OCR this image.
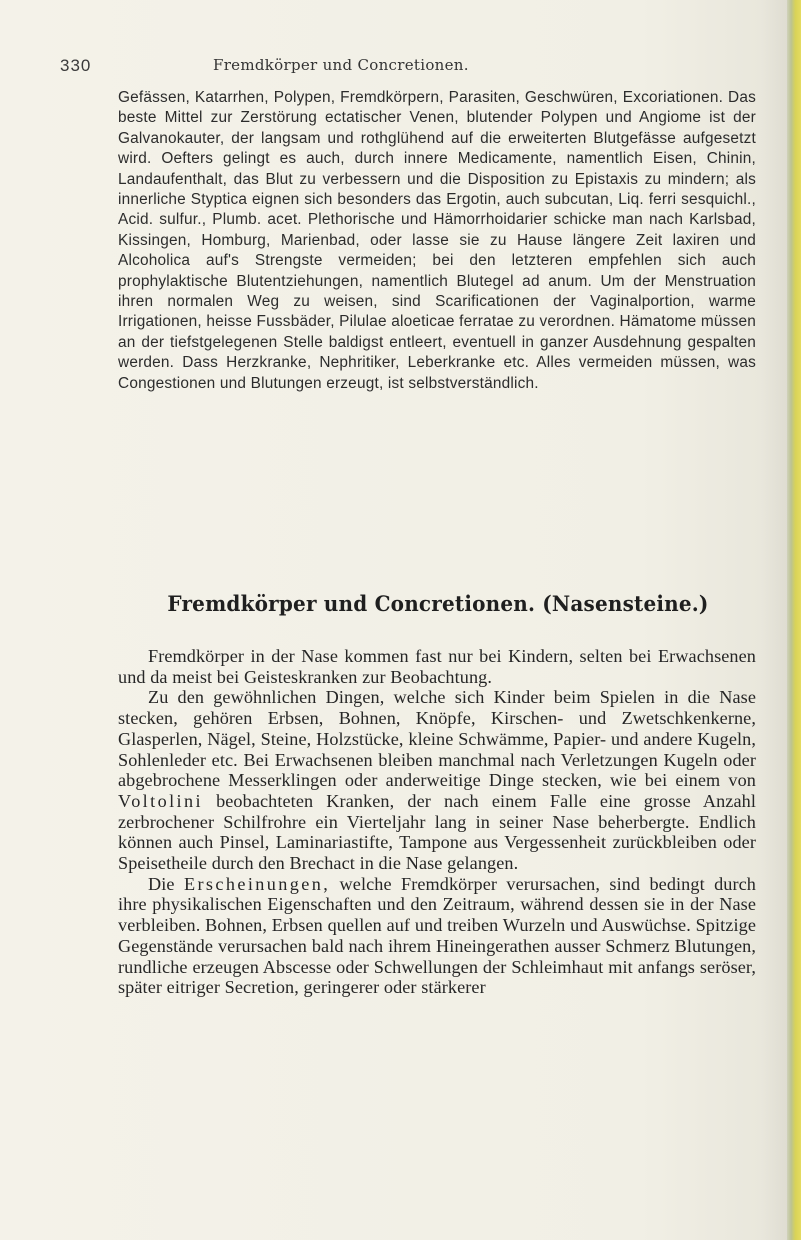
330	Fremdkörper und Concretionen.

Gefässen, Katarrhen, Polypen, Fremdkörpern, Parasiten, Geschwüren, Excoriationen. Das beste Mittel zur Zerstörung ectatischer Venen, blutender Polypen und Angiome ist der Galvanokauter, der langsam und rothglühend auf die erweiterten Blutgefässe aufgesetzt wird. Oefters gelingt es auch, durch innere Medicamente, namentlich Eisen, Chinin, Landaufenthalt, das Blut zu verbessern und die Disposition zu Epistaxis zu mindern; als innerliche Styptica eignen sich besonders das Ergotin, auch subcutan, Liq. ferri sesquichl., Acid. sulfur., Plumb. acet. Plethorische und Hämorrhoidarier schicke man nach Karlsbad, Kissingen, Homburg, Marienbad, oder lasse sie zu Hause längere Zeit laxiren und Alcoholica auf's Strengste vermeiden; bei den letzteren empfehlen sich auch prophylaktische Blutentziehungen, namentlich Blutegel ad anum. Um der Menstruation ihren normalen Weg zu weisen, sind Scarificationen der Vaginalportion, warme Irrigationen, heisse Fussbäder, Pilulae aloeticae ferratae zu verordnen. Hämatome müssen an der tiefstgelegenen Stelle baldigst entleert, eventuell in ganzer Ausdehnung gespalten werden. Dass Herzkranke, Nephritiker, Leberkranke etc. Alles vermeiden müssen, was Congestionen und Blutungen erzeugt, ist selbstverständlich.

Fremdkörper und Concretionen. (Nasensteine.)

Fremdkörper in der Nase kommen fast nur bei Kindern, selten bei Erwachsenen und da meist bei Geisteskranken zur Beobachtung.

Zu den gewöhnlichen Dingen, welche sich Kinder beim Spielen in die Nase stecken, gehören Erbsen, Bohnen, Knöpfe, Kirschen- und Zwetschkenkerne, Glasperlen, Nägel, Steine, Holzstücke, kleine Schwämme, Papier- und andere Kugeln, Sohlenleder etc. Bei Erwachsenen bleiben manchmal nach Verletzungen Kugeln oder abgebrochene Messerklingen oder anderweitige Dinge stecken, wie bei einem von Voltolini beobachteten Kranken, der nach einem Falle eine grosse Anzahl zerbrochener Schilfrohre ein Vierteljahr lang in seiner Nase beherbergte. Endlich können auch Pinsel, Laminariastifte, Tampone aus Vergessenheit zurückbleiben oder Speisetheile durch den Brechact in die Nase gelangen.

Die Erscheinungen, welche Fremdkörper verursachen, sind bedingt durch ihre physikalischen Eigenschaften und den Zeitraum, während dessen sie in der Nase verbleiben. Bohnen, Erbsen quellen auf und treiben Wurzeln und Auswüchse. Spitzige Gegenstände verursachen bald nach ihrem Hineingerathen ausser Schmerz Blutungen, rundliche erzeugen Abscesse oder Schwellungen der Schleimhaut mit anfangs seröser, später eitriger Secretion, geringerer oder stärkerer
